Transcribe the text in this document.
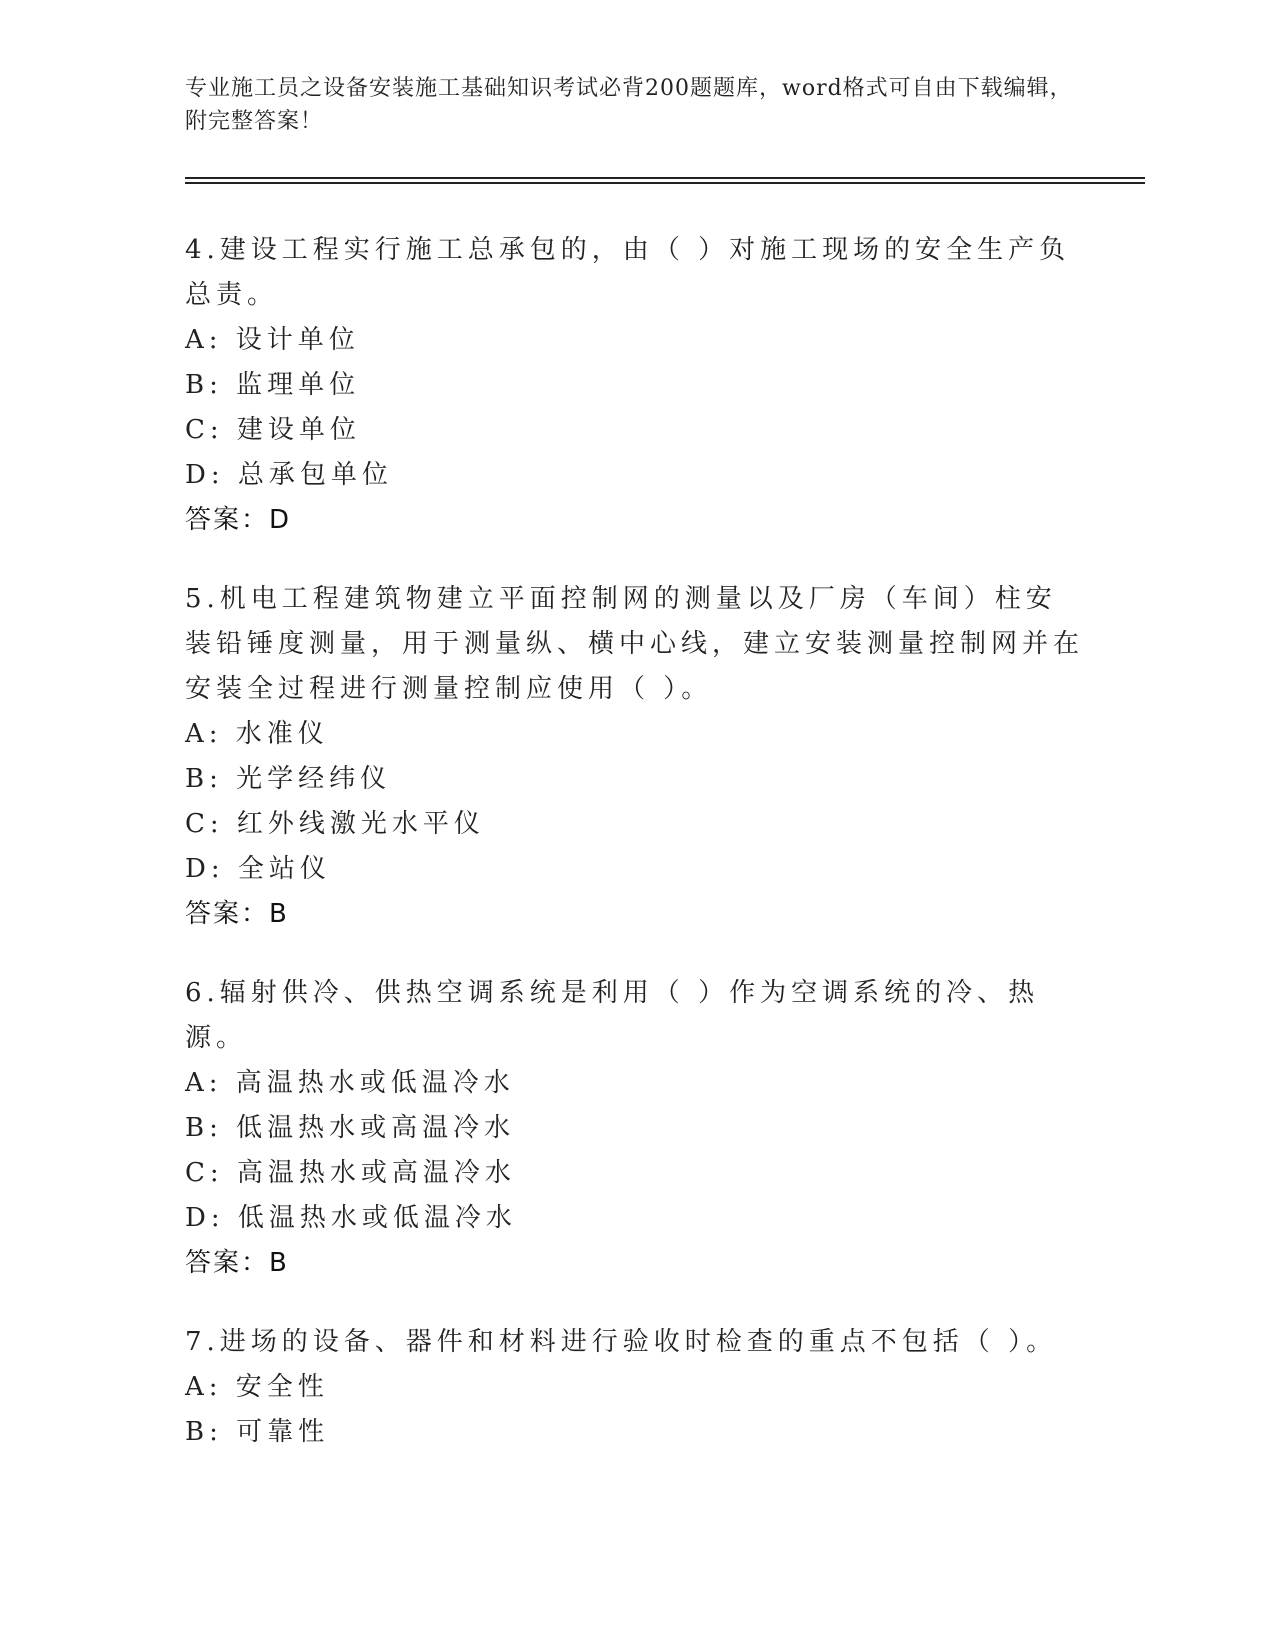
专业施工员之设备安装施工基础知识考试必背200题题库，word格式可自由下载编辑，附完整答案！
4.建设工程实行施工总承包的，由（ ）对施工现场的安全生产负总责。
A: 设计单位
B: 监理单位
C: 建设单位
D: 总承包单位
答案：D
5.机电工程建筑物建立平面控制网的测量以及厂房（车间）柱安装铅锤度测量，用于测量纵、横中心线，建立安装测量控制网并在安装全过程进行测量控制应使用（ ）。
A: 水准仪
B: 光学经纬仪
C: 红外线激光水平仪
D: 全站仪
答案：B
6.辐射供冷、供热空调系统是利用（ ）作为空调系统的冷、热源。
A: 高温热水或低温冷水
B: 低温热水或高温冷水
C: 高温热水或高温冷水
D: 低温热水或低温冷水
答案：B
7.进场的设备、器件和材料进行验收时检查的重点不包括（ ）。
A: 安全性
B: 可靠性
